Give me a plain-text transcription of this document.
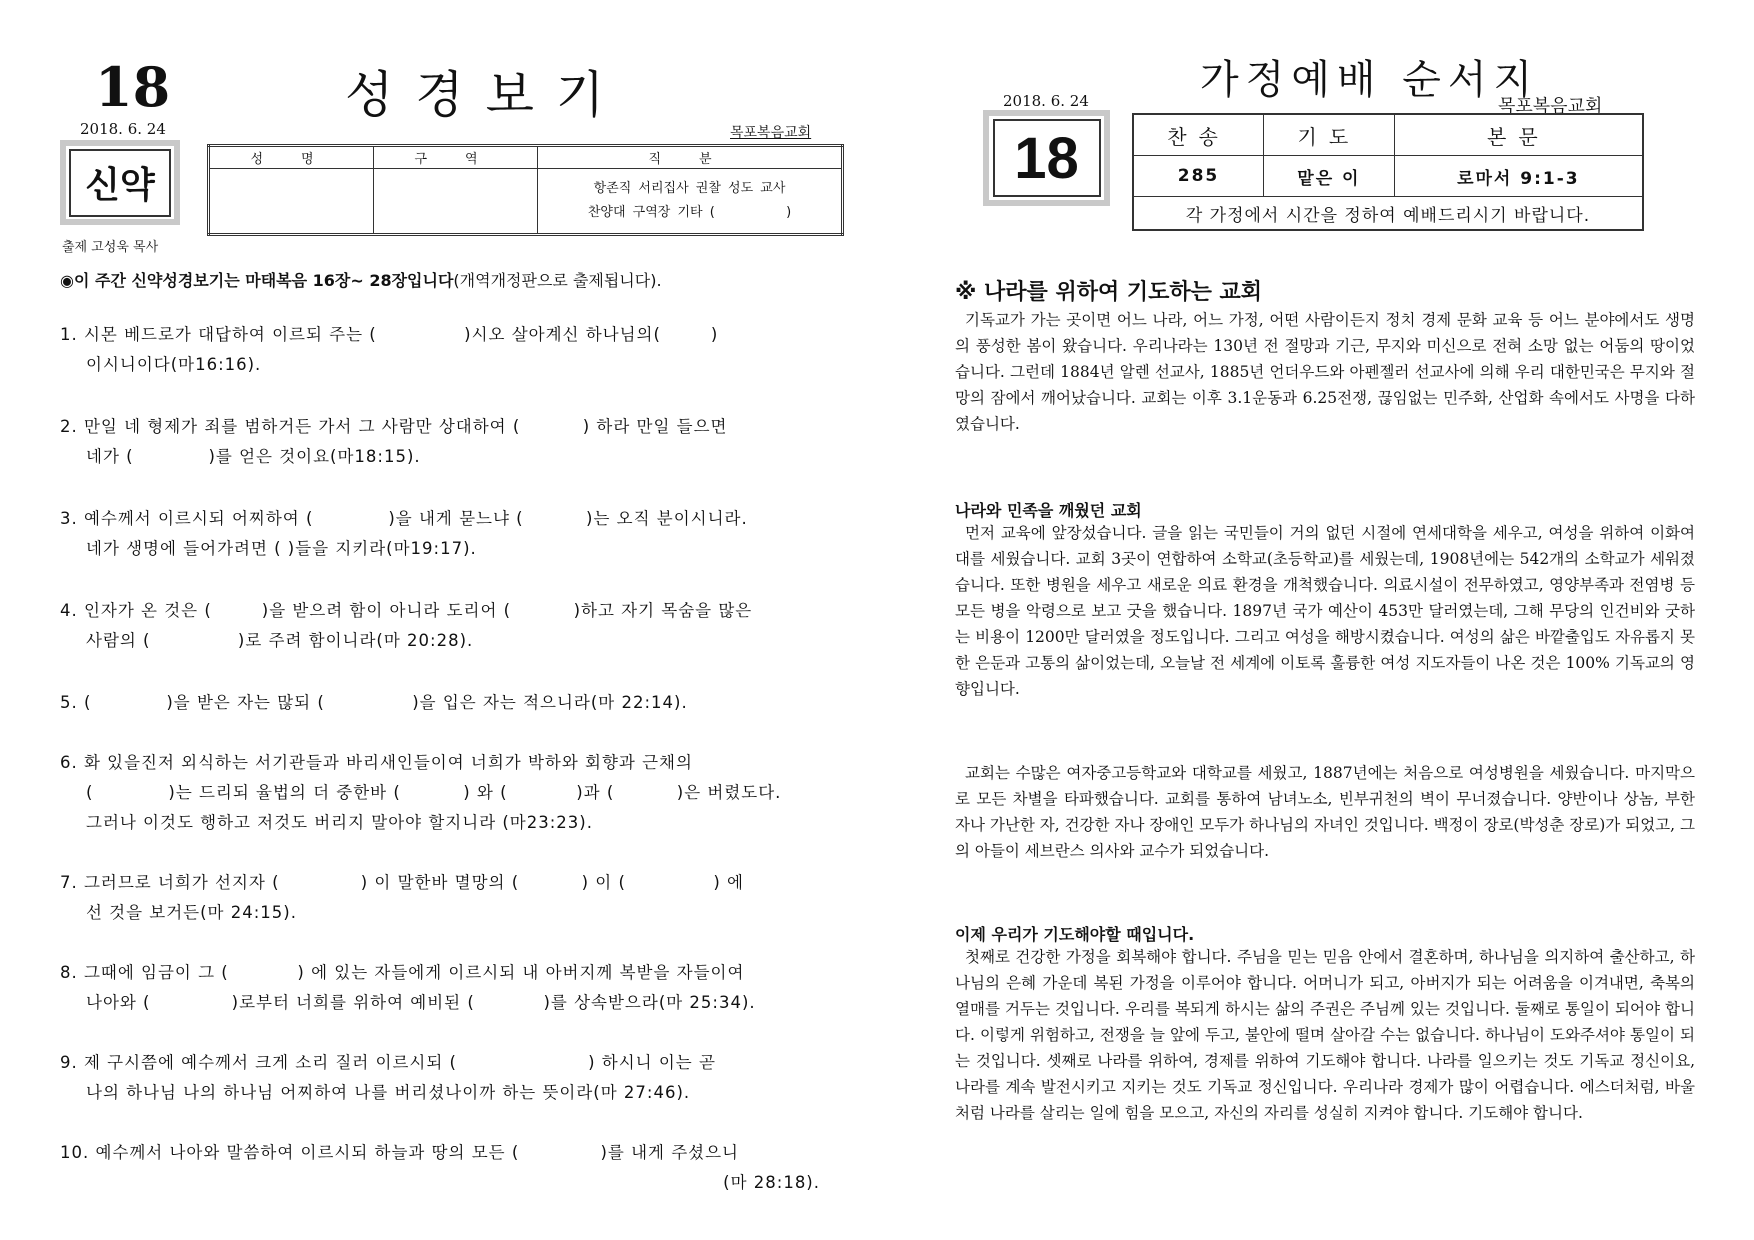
18	성경보기
2018. 6. 24	목포복음교회
신약
출제 고성욱 목사
성명	구역	직분

		항존직 서리집사 권찰 성도 교사
찬양대 구역장 기타 (          )
◉이 주간 신약성경보기는 마태복음 16장~ 28장입니다(개역개정판으로 출제됩니다).
1. 시몬 베드로가 대답하여 이르되 주는 (              )시오 살아계신 하나님의(        )
이시니이다(마16:16).
2. 만일 네 형제가 죄를 범하거든 가서 그 사람만 상대하여 (          ) 하라 만일 들으면
네가 (            )를 얻은 것이요(마18:15).
3. 예수께서 이르시되 어찌하여 (            )을 내게 묻느냐 (          )는 오직 분이시니라.
네가 생명에 들어가려면 ( )들을 지키라(마19:17).
4. 인자가 온 것은 (        )을 받으려 함이 아니라 도리어 (          )하고 자기 목숨을 많은
사람의 (              )로 주려 함이니라(마 20:28).
5. (            )을 받은 자는 많되 (              )을 입은 자는 적으니라(마 22:14).
6. 화 있을진저 외식하는 서기관들과 바리새인들이여 너희가 박하와 회향과 근채의
(            )는 드리되 율법의 더 중한바 (          ) 와 (           )과 (          )은 버렸도다.
그러나 이것도 행하고 저것도 버리지 말아야 할지니라 (마23:23).
7. 그러므로 너희가 선지자 (             ) 이 말한바 멸망의 (          ) 이 (              ) 에
선 것을 보거든(마 24:15).
8. 그때에 임금이 그 (           ) 에 있는 자들에게 이르시되 내 아버지께 복받을 자들이여
나아와 (             )로부터 너희를 위하여 예비된 (           )를 상속받으라(마 25:34).
9. 제 구시쯤에 예수께서 크게 소리 질러 이르시되 (                     ) 하시니 이는 곧
나의 하나님 나의 하나님 어찌하여 나를 버리셨나이까 하는 뜻이라(마 27:46).
10. 예수께서 나아와 말씀하여 이르시되 하늘과 땅의 모든 (             )를 내게 주셨으니
(마 28:18).
가정예배 순서지
2018. 6. 24	목포복음교회
18	찬송	기도	본문
285	맡은 이	로마서 9:1-3
각 가정에서 시간을 정하여 예배드리시기 바랍니다.		
※ 나라를 위하여 기도하는 교회
기독교가 가는 곳이면 어느 나라, 어느 가정, 어떤 사람이든지 정치 경제 문화 교육 등 어느 분야에서도 생명의 풍성한 봄이 왔습니다. 우리나라는 130년 전 절망과 기근, 무지와 미신으로 전혀 소망 없는 어둠의 땅이었습니다. 그런데 1884년 알렌 선교사, 1885년 언더우드와 아펜젤러 선교사에 의해 우리 대한민국은 무지와 절망의 잠에서 깨어났습니다. 교회는 이후 3.1운동과 6.25전쟁, 끊임없는 민주화, 산업화 속에서도 사명을 다하였습니다.
나라와 민족을 깨웠던 교회
먼저 교육에 앞장섰습니다. 글을 읽는 국민들이 거의 없던 시절에 연세대학을 세우고, 여성을 위하여 이화여대를 세웠습니다. 교회 3곳이 연합하여 소학교(초등학교)를 세웠는데, 1908년에는 542개의 소학교가 세워졌습니다. 또한 병원을 세우고 새로운 의료 환경을 개척했습니다. 의료시설이 전무하였고, 영양부족과 전염병 등 모든 병을 악령으로 보고 굿을 했습니다. 1897년 국가 예산이 453만 달러였는데, 그해 무당의 인건비와 굿하는 비용이 1200만 달러였을 정도입니다. 그리고 여성을 해방시켰습니다. 여성의 삶은 바깥출입도 자유롭지 못한 은둔과 고통의 삶이었는데, 오늘날 전 세계에 이토록 훌륭한 여성 지도자들이 나온 것은 100% 기독교의 영향입니다.
교회는 수많은 여자중고등학교와 대학교를 세웠고, 1887년에는 처음으로 여성병원을 세웠습니다. 마지막으로 모든 차별을 타파했습니다. 교회를 통하여 남녀노소, 빈부귀천의 벽이 무너졌습니다. 양반이나 상놈, 부한 자나 가난한 자, 건강한 자나 장애인 모두가 하나님의 자녀인 것입니다. 백정이 장로(박성춘 장로)가 되었고, 그의 아들이 세브란스 의사와 교수가 되었습니다.
이제 우리가 기도해야할 때입니다.
첫째로 건강한 가정을 회복해야 합니다. 주님을 믿는 믿음 안에서 결혼하며, 하나님을 의지하여 출산하고, 하나님의 은혜 가운데 복된 가정을 이루어야 합니다. 어머니가 되고, 아버지가 되는 어려움을 이겨내면, 축복의 열매를 거두는 것입니다. 우리를 복되게 하시는 삶의 주권은 주님께 있는 것입니다. 둘째로 통일이 되어야 합니다. 이렇게 위험하고, 전쟁을 늘 앞에 두고, 불안에 떨며 살아갈 수는 없습니다. 하나님이 도와주셔야 통일이 되는 것입니다. 셋째로 나라를 위하여, 경제를 위하여 기도해야 합니다. 나라를 일으키는 것도 기독교 정신이요, 나라를 계속 발전시키고 지키는 것도 기독교 정신입니다. 우리나라 경제가 많이 어렵습니다. 에스더처럼, 바울처럼 나라를 살리는 일에 힘을 모으고, 자신의 자리를 성실히 지켜야 합니다. 기도해야 합니다.
